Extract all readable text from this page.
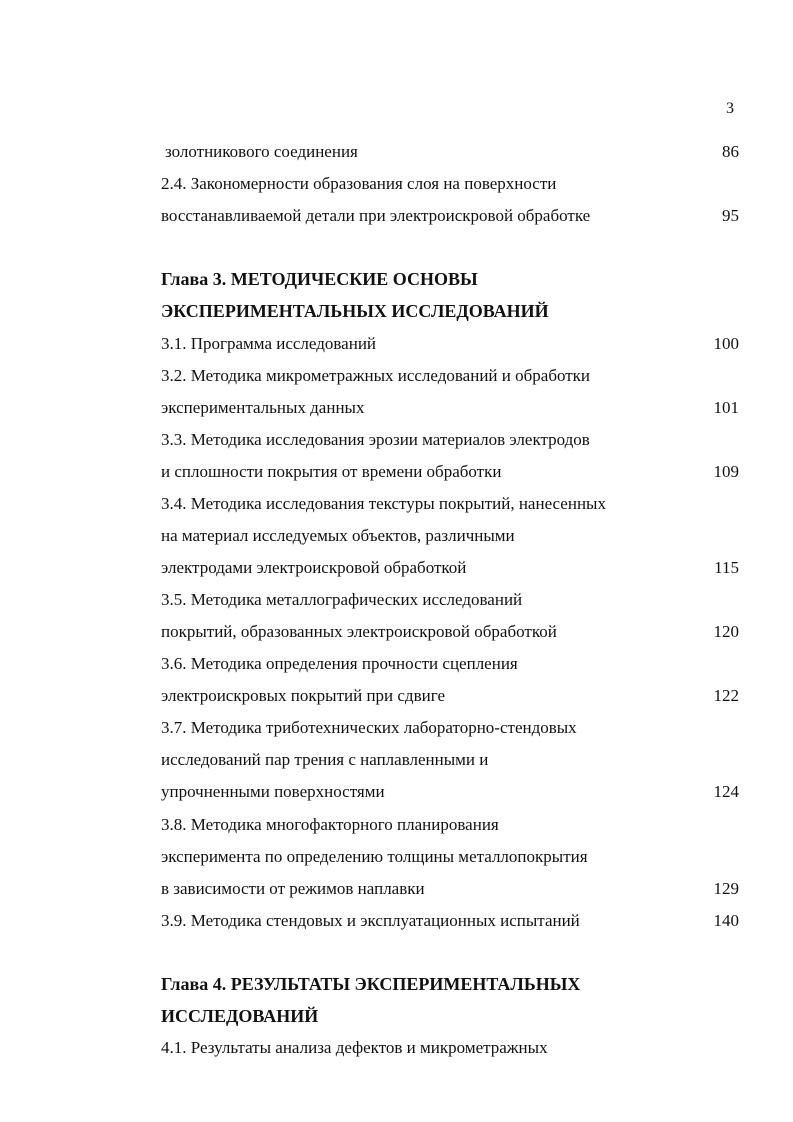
3
золотникового соединения	86
2.4. Закономерности образования слоя на поверхности
восстанавливаемой детали при электроискровой обработке	95
Глава 3. МЕТОДИЧЕСКИЕ ОСНОВЫ
ЭКСПЕРИМЕНТАЛЬНЫХ ИССЛЕДОВАНИЙ
3.1. Программа исследований	100
3.2. Методика микрометражных исследований и обработки
экспериментальных данных	101
3.3. Методика исследования эрозии материалов электродов
и сплошности покрытия от времени обработки	109
3.4. Методика исследования текстуры покрытий, нанесенных
на материал исследуемых объектов, различными
электродами электроискровой обработкой	115
3.5. Методика металлографических исследований
покрытий, образованных электроискровой обработкой	120
3.6. Методика определения прочности сцепления
электроискровых покрытий при сдвиге	122
3.7. Методика триботехнических лабораторно-стендовых
исследований пар трения с наплавленными и
упрочненными поверхностями	124
3.8. Методика многофакторного планирования
эксперимента по определению толщины металлопокрытия
в зависимости от режимов наплавки	129
3.9. Методика стендовых и эксплуатационных испытаний	140
Глава 4. РЕЗУЛЬТАТЫ ЭКСПЕРИМЕНТАЛЬНЫХ
ИССЛЕДОВАНИЙ
4.1. Результаты анализа дефектов и микрометражных
